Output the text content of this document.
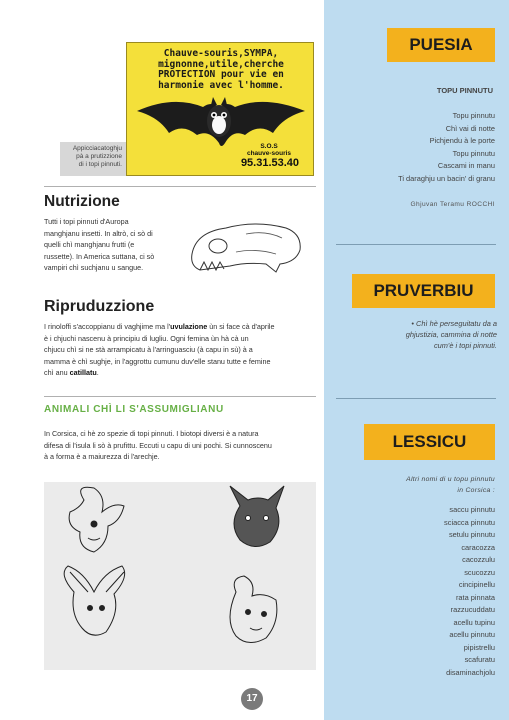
Chauve-souris,SYMPA,
mignonne,utile,cherche
PROTECTION pour vie en
harmonie avec l'homme.
S.O.S
chauve-souris
95.31.53.40
Appicciacatoghju
pà a prutizzione
di i topi pinnuti.
Nutrizione
Tutti i topi pinnuti d'Auropa
manghjanu insetti. In altrò, ci sò di
quelli chì manghjanu frutti (e
russette). In America suttana, ci sò
vampiri chì suchjanu u sangue.
Ripruduzzione
I rinoloffi s'accoppianu di vaghjime ma l'uvulazione ùn si face cà d'aprile
è i chjuchi nascenu à principiu di lugliu. Ogni femina ùn hà cà un
chjucu chì si ne stà arrampicatu à l'arringuasciu (à capu in sù) à a
mamma è chì sughje, in l'aggrottu cumunu duv'elle stanu tutte e femine
chì anu catillatu.
ANIMALI CHÌ LI S'ASSUMIGLIANU
In Corsica, ci hè zo spezie di topi pinnuti. I biotopi diversi è a natura
difesa di l'isula li sò à prufittu. Eccuti u capu di uni pochi. Si cunnoscenu
à a forma è a maiurezza di l'arechje.
17
PUESIA
TOPU PINNUTU
Topu pinnutu
Chì vai di notte
Pichjendu à le porte
Topu pinnutu
Cascami in manu
Ti daraghju un bacin' di granu
Ghjuvan Teramu ROCCHI
PRUVERBIU
• Chì hè perseguitatu da a
ghjustizia, cammina di notte
cum'è i topi pinnuti.
LESSICU
Altri nomi di u topu pinnutu
in Corsica :
saccu pinnutu
sciacca pinnutu
setulu pinnutu
caracozza
cacozzulu
scucozzu
cincipinellu
rata pinnata
razzucuddatu
acellu tupinu
acellu pinnutu
pipistrellu
scafuratu
disaminachjolu
